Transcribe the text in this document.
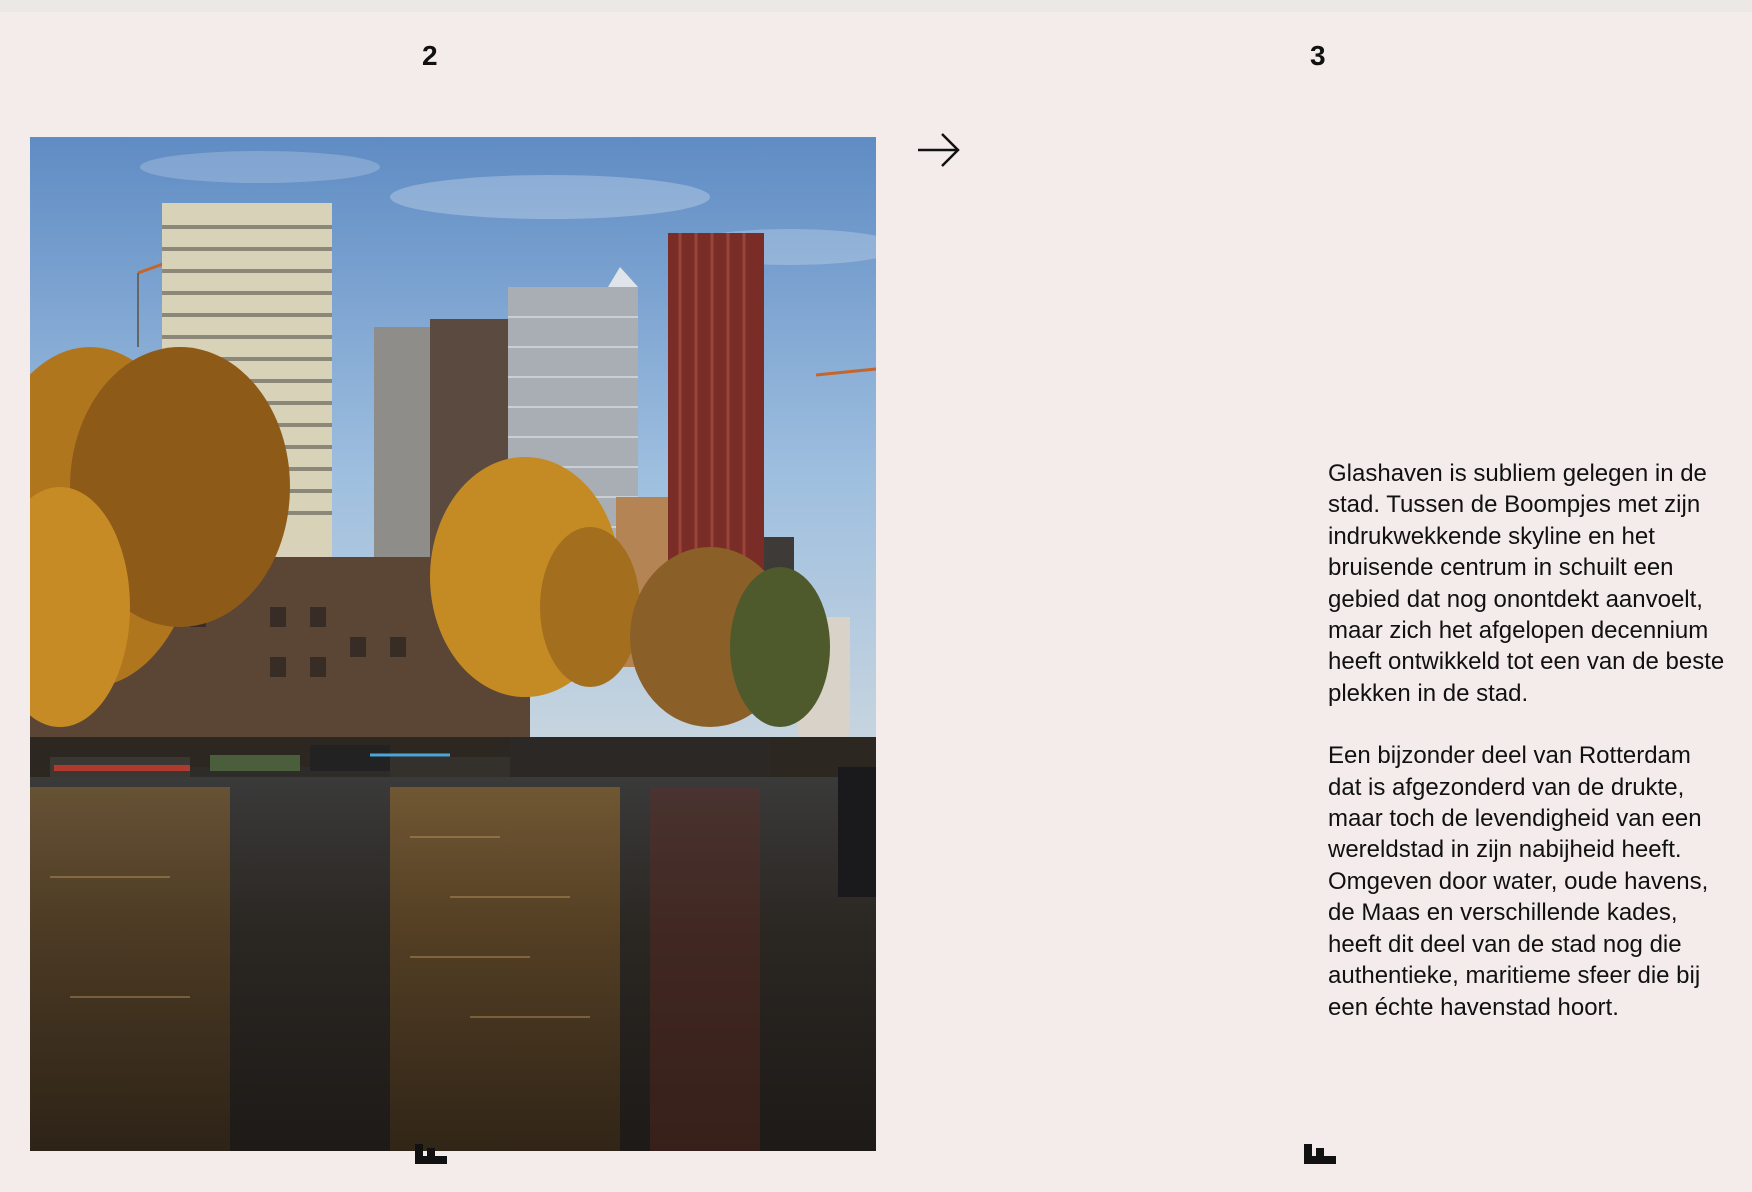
2	3

Glashaven is subliem gelegen in de stad. Tussen de Boompjes met zijn indrukwekkende skyline en het bruisende centrum in schuilt een gebied dat nog onontdekt aanvoelt, maar zich het afgelopen decennium heeft ontwikkeld tot een van de beste plekken in de stad.

Een bijzonder deel van Rotterdam dat is afgezonderd van de drukte, maar toch de levendigheid van een wereldstad in zijn nabijheid heeft. Omgeven door water, oude havens, de Maas en verschillende kades, heeft dit deel van de stad nog die authentieke, maritieme sfeer die bij een échte havenstad hoort.
